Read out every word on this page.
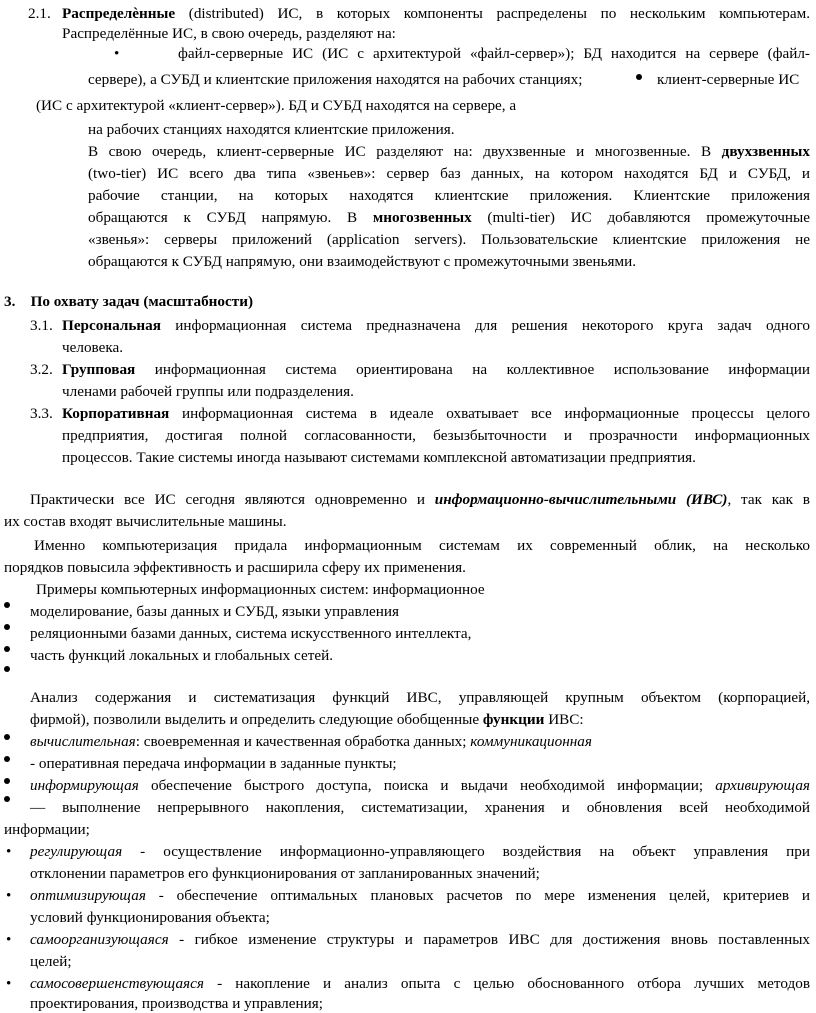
2.1. Распределѐнные (distributed) ИС, в которых компоненты распределены по нескольким компьютерам.
Распределённые ИС, в свою очередь, разделяют на:
•	файл-серверные ИС (ИС с архитектурой «файл-сервер»); БД находится на сервере (файл-
сервере), а СУБД и клиентские приложения находятся на рабочих станциях;	клиент-серверные ИС
(ИС с архитектурой «клиент-сервер»). БД и СУБД находятся на сервере, а
на рабочих станциях находятся клиентские приложения.
В свою очередь, клиент-серверные ИС разделяют на: двухзвенные и многозвенные. В двухзвенных
(two-tier) ИС всего два типа «звеньев»: сервер баз данных, на котором находятся БД и СУБД, и
рабочие станции, на которых находятся клиентские приложения. Клиентские приложения
обращаются к СУБД напрямую. В многозвенных (multi-tier) ИС добавляются промежуточные
«звенья»: серверы приложений (application servers). Пользовательские клиентские приложения не
обращаются к СУБД напрямую, они взаимодействуют с промежуточными звеньями.
3.    По охвату задач (масштабности)
3.1. Персональная информационная система предназначена для решения некоторого круга задач одного
человека.
3.2. Групповая информационная система ориентирована на коллективное использование информации
членами рабочей группы или подразделения.
3.3. Корпоративная информационная система в идеале охватывает все информационные процессы целого
предприятия, достигая полной согласованности, безызбыточности и прозрачности информационных
процессов. Такие системы иногда называют системами комплексной автоматизации предприятия.
Практически все ИС сегодня являются одновременно и информационно-вычислительными (ИВС), так как в
их состав входят вычислительные машины.
Именно компьютеризация придала информационным системам их современный облик, на несколько
порядков повысила эффективность и расширила сферу их применения.
Примеры компьютерных информационных систем: информационное
моделирование, базы данных и СУБД, языки управления
реляционными базами данных, система искусственного интеллекта,
часть функций локальных и глобальных сетей.
Анализ содержания и систематизация функций ИВС, управляющей крупным объектом (корпорацией,
фирмой), позволили выделить и определить следующие обобщенные функции ИВС:
вычислительная: своевременная и качественная обработка данных; коммуникационная
- оперативная передача информации в заданные пункты;
информирующая обеспечение быстрого доступа, поиска и выдачи необходимой информации; архивирующая
— выполнение непрерывного накопления, систематизации, хранения и обновления всей необходимой
информации;
• регулирующая - осуществление информационно-управляющего воздействия на объект управления при
отклонении параметров его функционирования от запланированных значений;
• оптимизирующая - обеспечение оптимальных плановых расчетов по мере изменения целей, критериев и
условий функционирования объекта;
• самоорганизующаяся - гибкое изменение структуры и параметров ИВС для достижения вновь поставленных
целей;
• самосовершенствующаяся - накопление и анализ опыта с целью обоснованного отбора лучших методов
проектирования, производства и управления;
